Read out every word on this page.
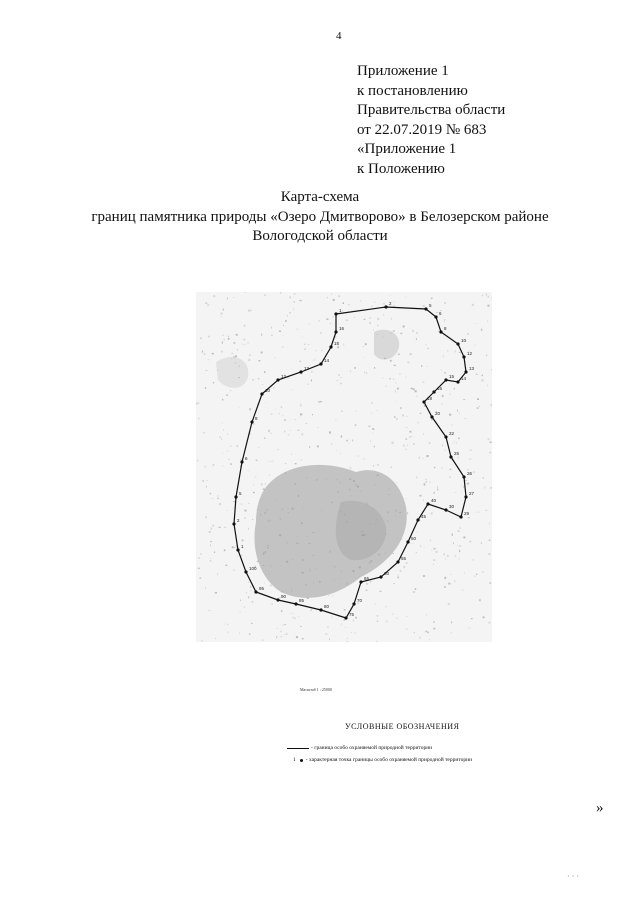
4
Приложение 1
к постановлению
Правительства области
от 22.07.2019 № 683
«Приложение 1
к Положению
Карта-схема
границ памятника природы «Озеро Дмитворово» в Белозерском районе
Вологодской области
1
2	5
6
8
10
12
13
14
15
16
18
20
22
25
26
27
29
30
40
45
50
55
60
65
70
75
80
85
90
95
100
1
2
5
6
8
10
12
13
14
15
16
Масштаб 1 : 25000
УСЛОВНЫЕ ОБОЗНАЧЕНИЯ
- граница особо охраняемой природной территории
1 - характерная точка границы особо охраняемой природной территории
»
· · ·
